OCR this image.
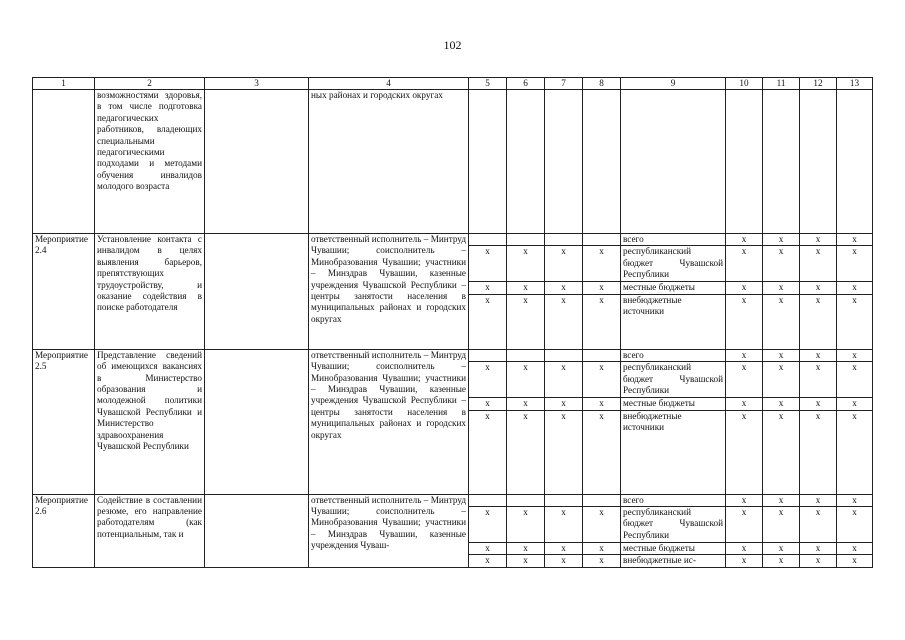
102
1	2	3	4	5	6	7	8	9	10	11	12	13
	возможностями здоровья, в том числе подготовка педагогических работников, владеющих специальными педагогическими подходами и методами обучения инвалидов молодого возраста		ных районах и городских округах									
Мероприятие 2.4	Установление контакта с инвалидом в целях выявления барьеров, препятствующих трудоустройству, и оказание содействия в поиске работодателя		ответственный исполнитель – Минтруд Чувашии; соисполнитель – Минобразования Чувашии; участники – Минздрав Чувашии, казенные учреждения Чувашской Республики – центры занятости населения в муниципальных районах и городских округах					всего	х	х	х	х
				х	х	х	х	республиканский бюджет Чувашской Республики	х	х	х	х
				х	х	х	х	местные бюджеты	х	х	х	х
				х	х	х	х	внебюджетные источники	х	х	х	х
Мероприятие 2.5	Представление сведений об имеющихся вакансиях в Министерство образования и молодежной политики Чувашской Республики и Министерство здравоохранения Чувашской Республики		ответственный исполнитель – Минтруд Чувашии; соисполнитель – Минобразования Чувашии; участники – Минздрав Чувашии, казенные учреждения Чувашской Республики – центры занятости населения в муниципальных районах и городских округах					всего	х	х	х	х
				х	х	х	х	республиканский бюджет Чувашской Республики	х	х	х	х
				х	х	х	х	местные бюджеты	х	х	х	х
				х	х	х	х	внебюджетные источники	х	х	х	х
Мероприятие 2.6	Содействие в составлении резюме, его направление работодателям (как потенциальным, так и		ответственный исполнитель – Минтруд Чувашии; соисполнитель – Минобразования Чувашии; участники – Минздрав Чувашии, казенные учреждения Чуваш-					всего	х	х	х	х
				х	х	х	х	республиканский бюджет Чувашской Республики	х	х	х	х
				х	х	х	х	местные бюджеты	х	х	х	х
				х	х	х	х	внебюджетные ис-	х	х	х	х
